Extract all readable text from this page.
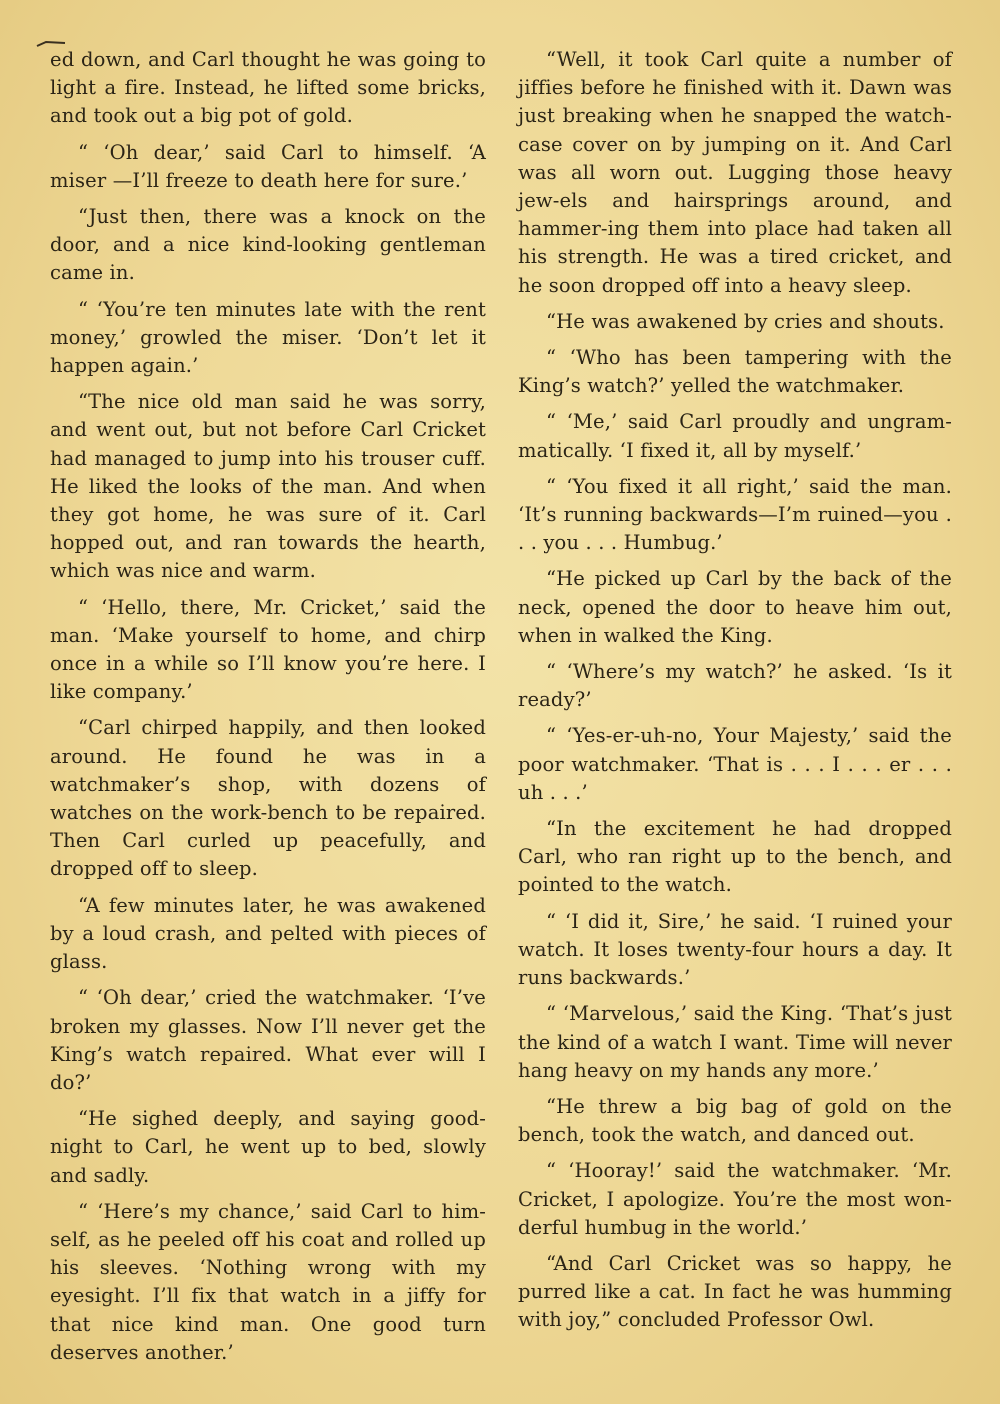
ed down, and Carl thought he was going to light a fire. Instead, he lifted some bricks, and took out a big pot of gold.

“ ‘Oh dear,’ said Carl to himself. ‘A miser —I’ll freeze to death here for sure.’

“Just then, there was a knock on the door, and a nice kind-looking gentleman came in.

“ ‘You’re ten minutes late with the rent money,’ growled the miser. ‘Don’t let it happen again.’

“The nice old man said he was sorry, and went out, but not before Carl Cricket had managed to jump into his trouser cuff. He liked the looks of the man. And when they got home, he was sure of it. Carl hopped out, and ran towards the hearth, which was nice and warm.

“ ‘Hello, there, Mr. Cricket,’ said the man. ‘Make yourself to home, and chirp once in a while so I’ll know you’re here. I like company.’

“Carl chirped happily, and then looked around. He found he was in a watchmaker’s shop, with dozens of watches on the work-bench to be repaired. Then Carl curled up peacefully, and dropped off to sleep.

“A few minutes later, he was awakened by a loud crash, and pelted with pieces of glass.

“ ‘Oh dear,’ cried the watchmaker. ‘I’ve broken my glasses. Now I’ll never get the King’s watch repaired. What ever will I do?’

“He sighed deeply, and saying good-night to Carl, he went up to bed, slowly and sadly.

“ ‘Here’s my chance,’ said Carl to him-self, as he peeled off his coat and rolled up his sleeves. ‘Nothing wrong with my eyesight. I’ll fix that watch in a jiffy for that nice kind man. One good turn deserves another.’

“Well, it took Carl quite a number of jiffies before he finished with it. Dawn was just breaking when he snapped the watch-case cover on by jumping on it. And Carl was all worn out. Lugging those heavy jew-els and hairsprings around, and hammer-ing them into place had taken all his strength. He was a tired cricket, and he soon dropped off into a heavy sleep.

“He was awakened by cries and shouts.

“ ‘Who has been tampering with the King’s watch?’ yelled the watchmaker.

“ ‘Me,’ said Carl proudly and ungram-matically. ‘I fixed it, all by myself.’

“ ‘You fixed it all right,’ said the man. ‘It’s running backwards—I’m ruined—you . . . you . . . Humbug.’

“He picked up Carl by the back of the neck, opened the door to heave him out, when in walked the King.

“ ‘Where’s my watch?’ he asked. ‘Is it ready?’

“ ‘Yes-er-uh-no, Your Majesty,’ said the poor watchmaker. ‘That is . . . I . . . er . . . uh . . .’

“In the excitement he had dropped Carl, who ran right up to the bench, and pointed to the watch.

“ ‘I did it, Sire,’ he said. ‘I ruined your watch. It loses twenty-four hours a day. It runs backwards.’

“ ‘Marvelous,’ said the King. ‘That’s just the kind of a watch I want. Time will never hang heavy on my hands any more.’

“He threw a big bag of gold on the bench, took the watch, and danced out.

“ ‘Hooray!’ said the watchmaker. ‘Mr. Cricket, I apologize. You’re the most won-derful humbug in the world.’

“And Carl Cricket was so happy, he purred like a cat. In fact he was humming with joy,” concluded Professor Owl.
